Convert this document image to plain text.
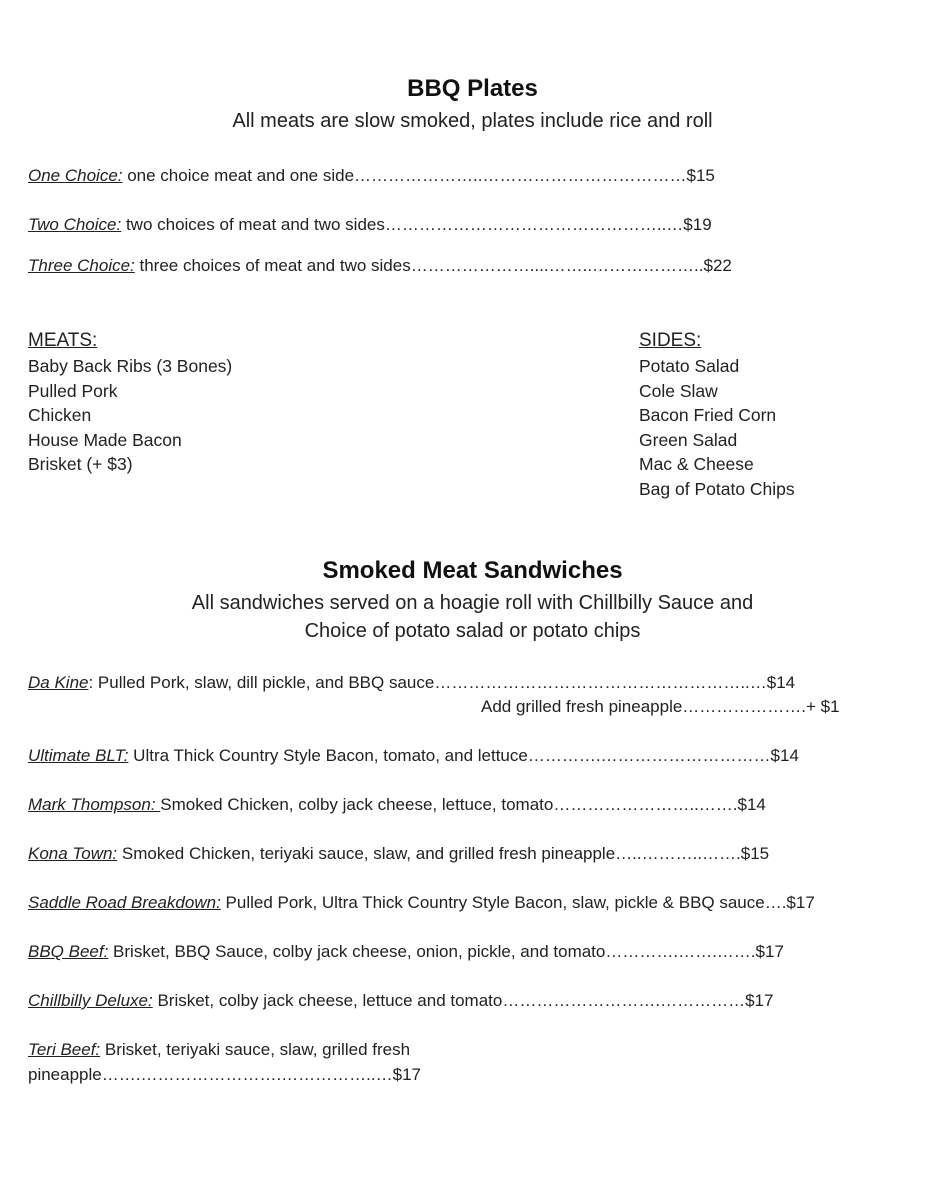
BBQ Plates
All meats are slow smoked, plates include rice and roll
One Choice: one choice meat and one side…………………..………………………………$15
Two Choice: two choices of meat and two sides…………………………………………..…$19
Three Choice: three choices of meat and two sides…………………....……..………………..$22
MEATS:
Baby Back Ribs (3 Bones)
Pulled Pork
Chicken
House Made Bacon
Brisket (+ $3)
SIDES:
Potato Salad
Cole Slaw
Bacon Fried Corn
Green Salad
Mac & Cheese
Bag of Potato Chips
Smoked Meat Sandwiches
All sandwiches served on a hoagie roll with Chillbilly Sauce and
Choice of potato salad or potato chips
Da Kine: Pulled Pork, slaw, dill pickle, and BBQ sauce………………………………………………..…$14
Add grilled fresh pineapple………………….+ $1
Ultimate BLT: Ultra Thick Country Style Bacon, tomato, and lettuce………….…………………………$14
Mark Thompson: Smoked Chicken, colby jack cheese, lettuce, tomato……………………..…….$14
Kona Town: Smoked Chicken, teriyaki sauce, slaw, and grilled fresh pineapple…..………..…….$15
Saddle Road Breakdown: Pulled Pork, Ultra Thick Country Style Bacon, slaw, pickle & BBQ sauce….$17
BBQ Beef: Brisket, BBQ Sauce, colby jack cheese, onion, pickle, and tomato………….…….…….$17
Chillbilly Deluxe: Brisket, colby jack cheese, lettuce and tomato……………………….……………$17
Teri Beef: Brisket, teriyaki sauce, slaw, grilled fresh
pineapple…….…………………….……………..…$17
